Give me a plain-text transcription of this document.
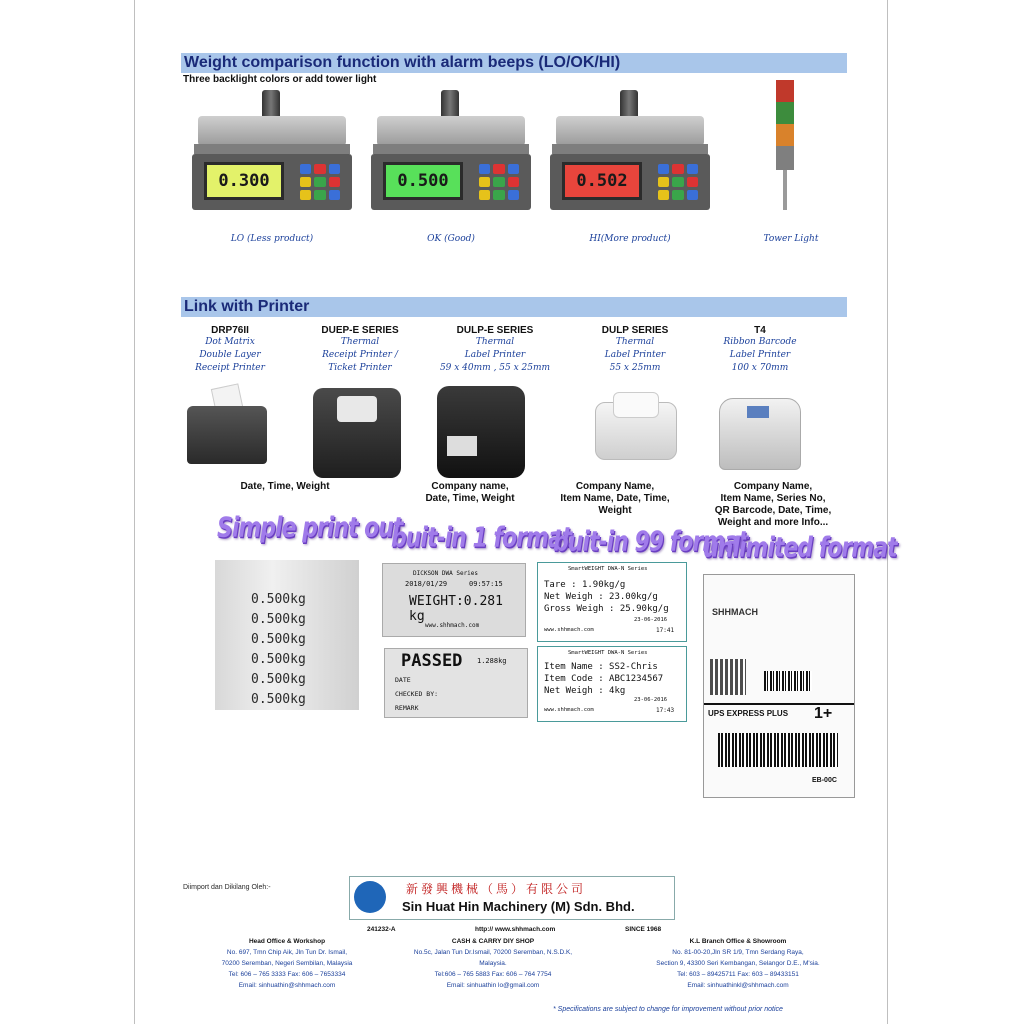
Weight comparison function with alarm beeps (LO/OK/HI)
Three backlight colors or add tower light
0.300	0.500	0.502
LO (Less product)	OK (Good)	HI(More product)	Tower Light
Link with Printer
DRP76II
Dot Matrix
Double Layer
Receipt Printer
DUEP-E SERIES
Thermal
Receipt Printer /
Ticket Printer
DULP-E SERIES
Thermal
Label Printer
59 x 40mm , 55 x 25mm
DULP SERIES
Thermal
Label Printer
55 x 25mm
T4
Ribbon Barcode
Label Printer
100 x 70mm
Date, Time, Weight	Company name,
Date, Time, Weight
Company Name,
Item Name, Date, Time,
Weight
Company Name,
Item Name, Series No,
QR Barcode, Date, Time,
Weight and more Info...
Simple print out
buit-in 1 format
buit-in 99 format
unlimited format
0.500kg
0.500kg
0.500kg
0.500kg
0.500kg
0.500kg
DICKSON DWA Series
2018/01/29	09:57:15
WEIGHT:0.281 kg
www.shhmach.com
PASSED 1.288kg
DATE
CHECKED BY:
REMARK
SmartWEIGHT DWA-N Series
Tare : 1.90kg/g
Net Weigh : 23.00kg/g
Gross Weigh : 25.90kg/g
23-06-2016
www.shhmach.com	17:41
SmartWEIGHT DWA-N Series
Item Name : SS2-Chris
Item Code : ABC1234567
Net Weigh : 4kg
23-06-2016
www.shhmach.com	17:43
SHHMACH
UPS EXPRESS PLUS 1+
EB-00C
Diimport dan Dikilang Oleh:-	新發興機械（馬）有限公司
Sin Huat Hin Machinery (M) Sdn. Bhd.
241232-A	http:// www.shhmach.com	SINCE 1968
Head Office & Workshop
No. 697, Tmn Chip Aik, Jln Tun Dr. Ismail,
70200 Seremban, Negeri Sembilan, Malaysia
Tel: 606 – 765 3333 Fax: 606 – 7653334
Email: sinhuathin@shhmach.com
CASH & CARRY DIY SHOP
No.5c, Jalan Tun Dr.Ismail, 70200 Seremban, N.S.D.K,
Malaysia.
Tel:606 – 765 5883 Fax: 606 – 764 7754
Email: sinhuathin lo@gmail.com
K.L Branch Office & Showroom
No. 81-00-20,Jln SR 1/9, Tmn Serdang Raya,
Section 9, 43300 Seri Kembangan, Selangor D.E., M'sia.
Tel: 603 – 89425711 Fax: 603 – 89433151
Email: sinhuathinkl@shhmach.com
* Specifications are subject to change for improvement without prior notice
